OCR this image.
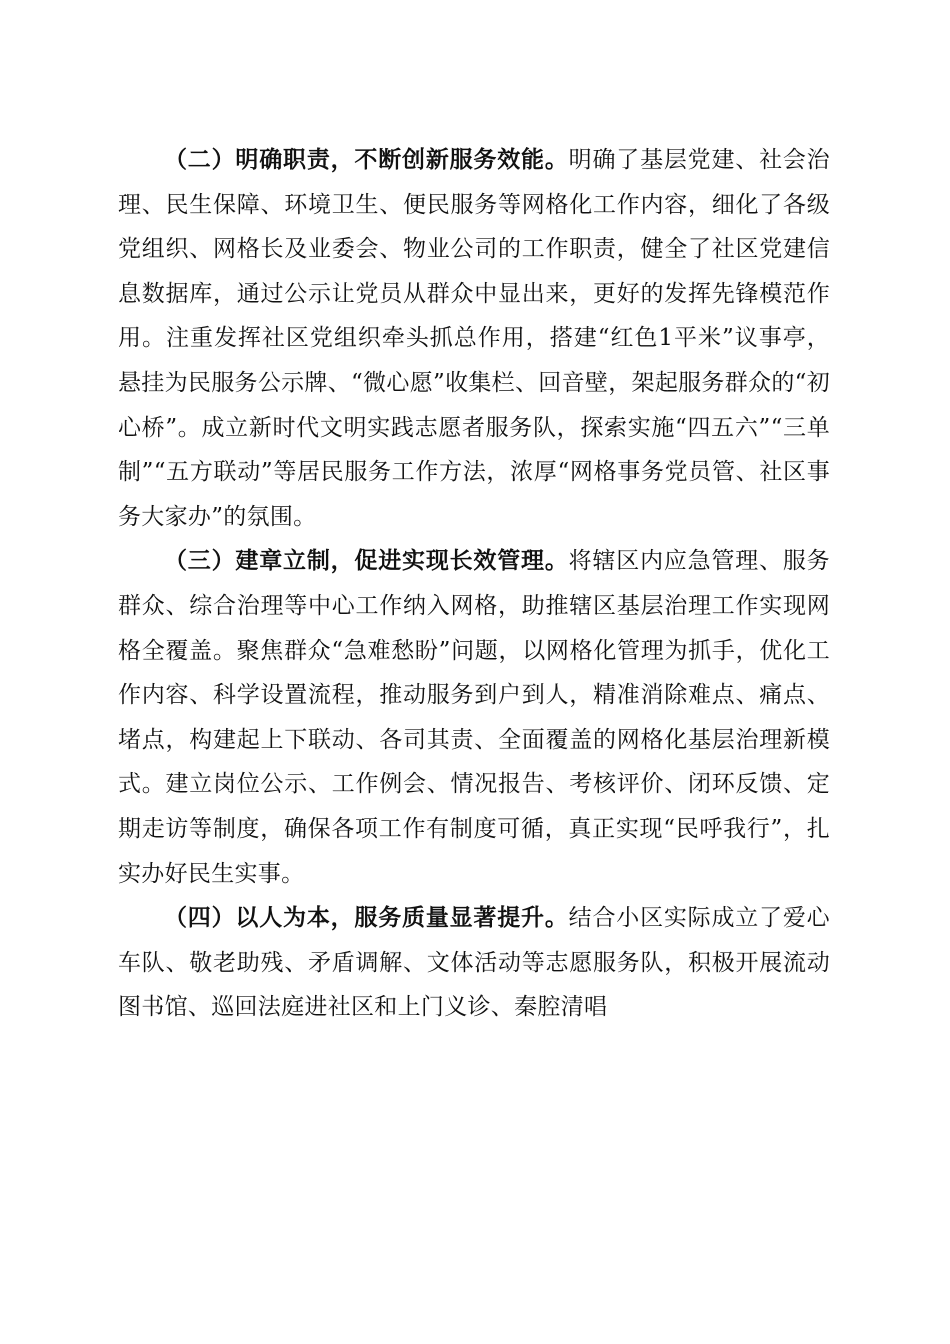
（二）明确职责，不断创新服务效能。明确了基层党建、社会治理、民生保障、环境卫生、便民服务等网格化工作内容，细化了各级党组织、网格长及业委会、物业公司的工作职责，健全了社区党建信息数据库，通过公示让党员从群众中显出来，更好的发挥先锋模范作用。注重发挥社区党组织牵头抓总作用，搭建“红色1平米”议事亭，悬挂为民服务公示牌、“微心愿”收集栏、回音壁，架起服务群众的“初心桥”。成立新时代文明实践志愿者服务队，探索实施“四五六”“三单制”“五方联动”等居民服务工作方法，浓厚“网格事务党员管、社区事务大家办”的氛围。

（三）建章立制，促进实现长效管理。将辖区内应急管理、服务群众、综合治理等中心工作纳入网格，助推辖区基层治理工作实现网格全覆盖。聚焦群众“急难愁盼”问题，以网格化管理为抓手，优化工作内容、科学设置流程，推动服务到户到人，精准消除难点、痛点、堵点，构建起上下联动、各司其责、全面覆盖的网格化基层治理新模式。建立岗位公示、工作例会、情况报告、考核评价、闭环反馈、定期走访等制度，确保各项工作有制度可循，真正实现“民呼我行”，扎实办好民生实事。

（四）以人为本，服务质量显著提升。结合小区实际成立了爱心车队、敬老助残、矛盾调解、文体活动等志愿服务队，积极开展流动图书馆、巡回法庭进社区和上门义诊、秦腔清唱
